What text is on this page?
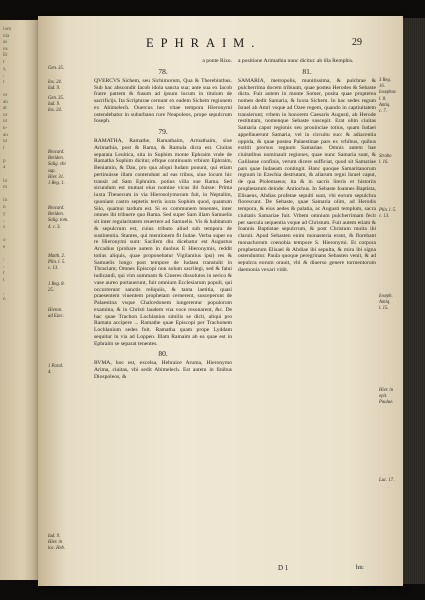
ium
nia
as
us
Et
t
s,
,
r

or
an
at
ur
or
n-
au
ut
r

p
a

in
m

in
n
y
,
s

o
e

:
,
r
t

,
n
EPHRAIM.	29
Gen. 35.
Ios. 24.
Iud. 9.
Gen. 35.
Iud. 9.
Ios. 24.
Brocard.
Breiden.
Salig. vbi
sup.
Hier. 31.
1 Reg. 1.
Brocard.
Breiden.
Salig. tom.
4. c. 3.
Matth. 2.
Plin. l. 5.
c. 13.
1 Reg. 8.
25.
Hieron.
ad Ezec.
1 Paral.
4.
Iud. 9.
Hier. in
loc. Heb.

a ponte Rizo.

78.

QVERCVS Sichem, seu Sichimorum, Qua & Therebinthus. Sub hac abscondit Iacob idola sancta sua; ante sua ex Iacob fratre patrem & fusum ad ipsum locum in titulum de sacrificijs. Ita Scripturae cernunt ex eadem Sichem regionem ex Abimelech. Ouercus hec vitae tempora Hieronymi ostendebatur in suburbano rure Neapoleos, prope sepulcrum Ioseph.

79.

RAMATHA, Ramathe, Ramathaim, Armathaim, siue Arimathia, post & Rama, & Ramula dicta est. Ciuitas separata Leuitica, sita in Sophim monte Ephraim vnde de Ramatha Sophim dicitur, eftque continuum vrbium Ephraim, Beniamin, & Dan, pro qua aliqui Iudam ponunt, qui etiam pertinuisse illam contendunt ad eas tribus, siue locum hic transit ad Sam Ephraim. potius villa sue Rama. Sed sicundum est mutuat eius nomine vicus ibi fuisse: Prima iuxta Theuecum in via Hierosolymorum fuit, in Neptalim, quoniam castro septetis terris iuxta Sophim quod, quantum Silo, quamui tardum est. Si ex communem tenentes, inter omnes ibi tribuere quo Rama. Sed super Sam illam Samuelis sit inter regularitatem reuertere ad Samuelis. Vis & habitatum & sepulcrum est, cuius tributo aliud sub tempora de sustinentia. Stantes, qui mentionem fit Iudae. Verba super ea re Hieronymi sunt: Sacilem diu dicebatur est Augustus Arcadius (probare autem in duobus E Hieronymis, reddit totius aliquis, quae proponebatur Vigilantius ipsi) res & Samuelis longo post tempore de Iudaea transtulit in Thraciam; Omnes Episcopi non solum sacrilegi, sed & fatui iudicandi, qui vim summam & Cineres dissolutos in serico & vase aureo portauerunt, fuit omnium Ecclesiarum populi, qui occurrerunt sanctis reliquiis, & tanta laetitia, quasi praesentem viuentem prophetam cernerent, susceperunt de Palaestina vsque Chalcedonem iungerentur populorum examina, & in Christi laudem vna voce resonarent, &c. De hac quae Trachon Lochlanius similis se dicit, aliqui pro Ramata accipere ... Ramathe quae Episcopi per Trachonem Lochlanium sedes fuit. Ramatha quam prope Lyddam sequitur in via ad Loppen. Illam Ramaim ab ea quae est in Ephraim se separat tenentes.

80.

RVMA, hoc est, excelsa, Hebraice Aruma, Hieronymo Arima, ciuitas, vbi sedit Abimelech. Est autem in finibus Diospoleos, &

a positione Arimathia nunc dicitur. ab illa Remphis.

81.

SAMARIA, metropolis, munitissima, & pulchrae & pulcherrima docem tribuum, quae postea Herodes & Sebaste dicta. Fuit autem in monte Somer, posita quae propterea nomen dedit Samaria, & Iuxta Sichem. In hac sedes regum Israel ab Amri vsque ad Ozee regem, quando in captiuitatem transierunt; vrbem in honorem Caesaris Augusti, ab Herode restitutam, nomenque Sebaste suscepit. Erat olim ciuitas Samaria caput regionis seu prouinciae totius, quam Iudaei appellauerunt Samaria, vel in circuitu suo: & adiacentia oppida, & quae postea Palaestinae pars ex vrbibus, quibus extitit prorsus regnum Samariae. Omnis autem hae ciuitatibus nominauit regiones, quae nunc Samaria sunt, & Galilaeae confinis, verum dicere sufficiat, quod sit Samariae pars quae Iudaeam contingit. Hanc quoque Samaritanorum regnum in Ezechia destrutam, & aliarum regni Israel caput, de qua Ptolemaeus; ita & in sacris literis et historiis prophetarum deinde: Antiochus. In Sebaste Ioannes Baptista, Elisaeus, Abdias profetae sepulti sunt, vbi eorum sepulchra florescunt. De Sebaste, quae Samaria olim, ad Herodis tempora, & eius aedes & palatia, ac Augusti templum, sacra ciuitatis Samariae fuit. Vrbem omnium pulcherrimam fecit per saecula sequentia vsque ad Christum. Fuit autem etiam & Ioannis Baptistae sepulcrum, & post Christum multa ibi claruit. Apud Sebasten enim monasteria erant, & florebant monachorum coenobia tempore S. Hieronymi. Et corpora prophetarum Elisaei & Abdiae ibi sepulta, & mira ibi signa ostenduntur. Paula quoque peregrinans Sebasten venit, & ad sepulcra eorum orauit, vbi & diuerso genere tormentorum daemonia vexari vidit.

3 Reg.
16.
Iosephus
l. 8.
Antiq.
c. 7.
Strabo
l. 16.
Plin. l. 5.
c. 13.
Ioseph.
Antiq.
l. 15.
Hier. in
epit.
Paulae.
Luc. 17.
D 1	hic
